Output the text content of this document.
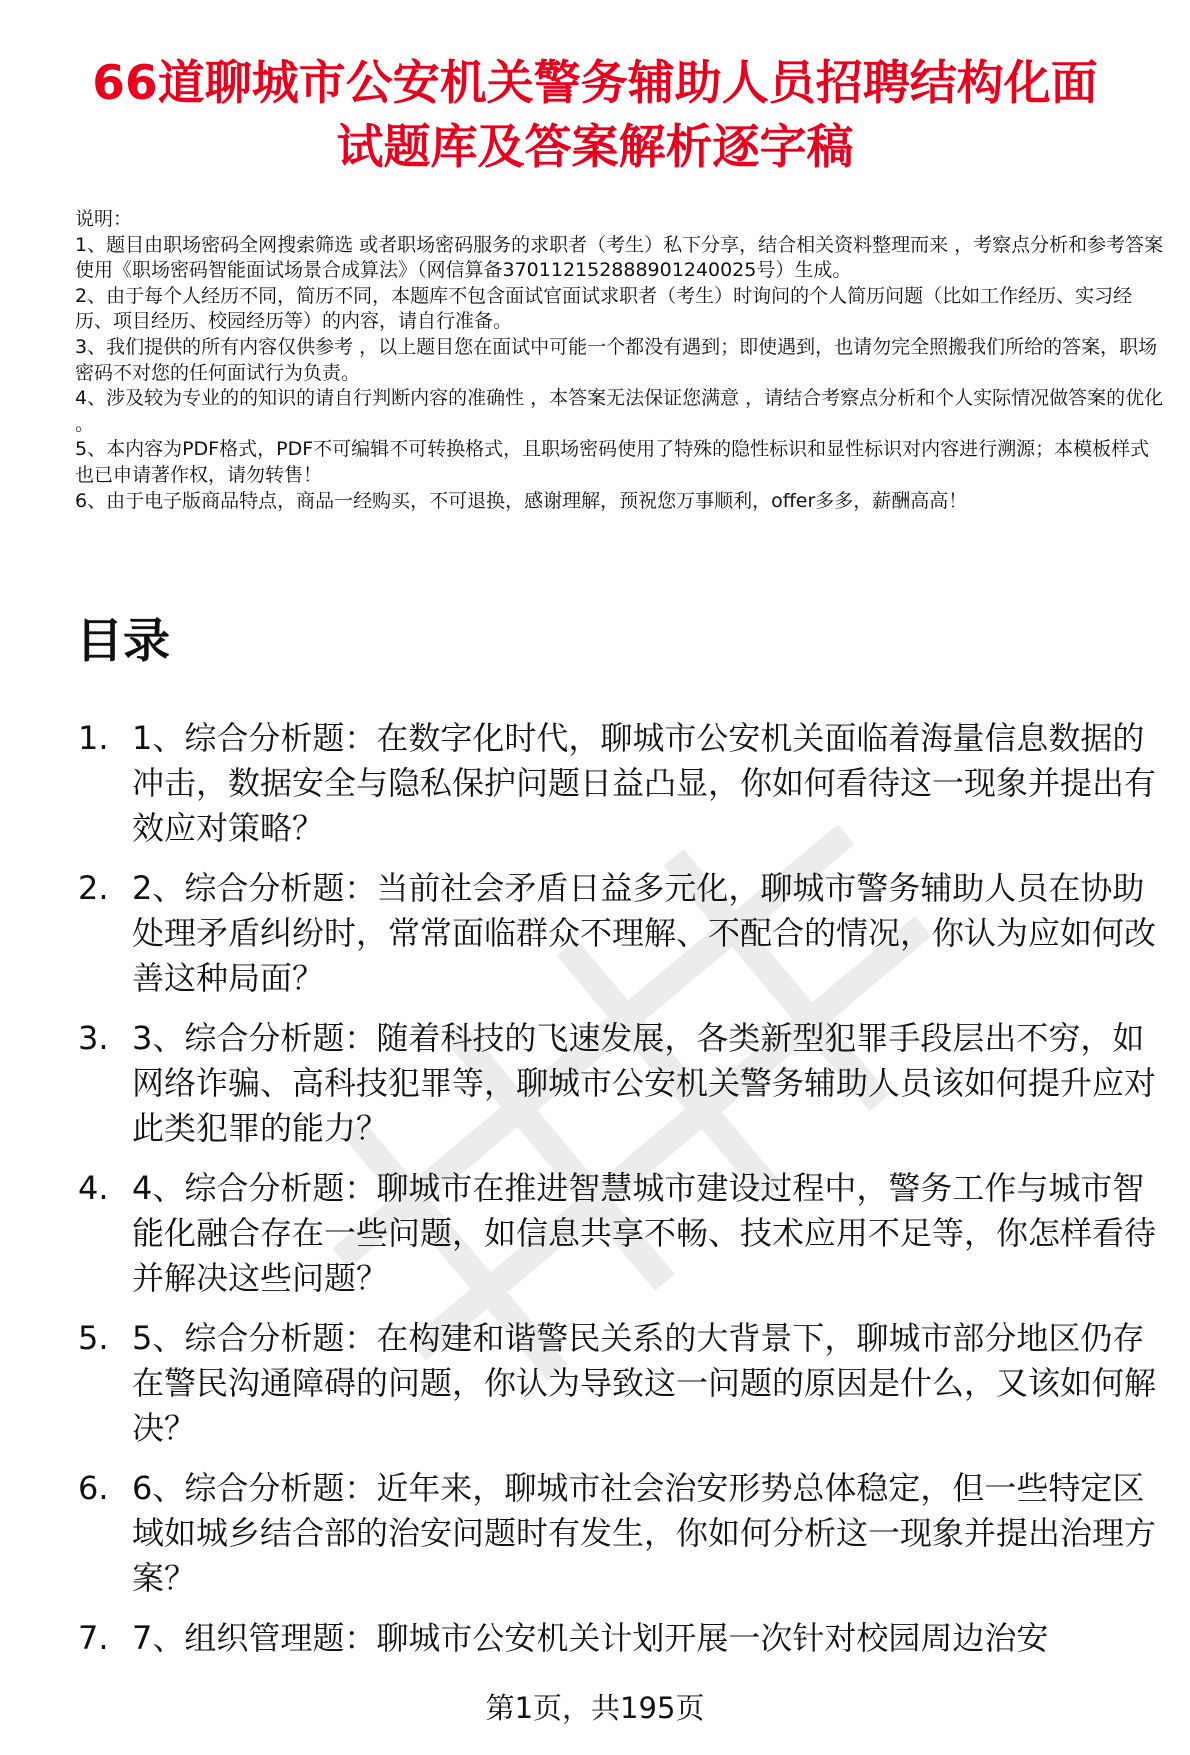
66道聊城市公安机关警务辅助人员招聘结构化面试题库及答案解析逐字稿
说明：

1、题目由职场密码全网搜索筛选 或者职场密码服务的求职者（考生）私下分享，结合相关资料整理而来 ，考察点分析和参考答案使用《职场密码智能面试场景合成算法》（网信算备370112152888901240025号）生成。

2、由于每个人经历不同，简历不同，本题库不包含面试官面试求职者（考生）时询问的个人简历问题（比如工作经历、实习经历、项目经历、校园经历等）的内容，请自行准备。

3、我们提供的所有内容仅供参考 ，以上题目您在面试中可能一个都没有遇到；即使遇到，也请勿完全照搬我们所给的答案，职场密码不对您的任何面试行为负责。

4、涉及较为专业的的知识的请自行判断内容的准确性 ，本答案无法保证您满意 ，请结合考察点分析和个人实际情况做答案的优化 。

5、本内容为PDF格式，PDF不可编辑不可转换格式，且职场密码使用了特殊的隐性标识和显性标识对内容进行溯源；本模板样式也已申请著作权，请勿转售！

6、由于电子版商品特点，商品一经购买，不可退换，感谢理解，预祝您万事顺利，offer多多，薪酬高高！

目录
1. 1、综合分析题：在数字化时代，聊城市公安机关面临着海量信息数据的冲击，数据安全与隐私保护问题日益凸显，你如何看待这一现象并提出有效应对策略？
2. 2、综合分析题：当前社会矛盾日益多元化，聊城市警务辅助人员在协助处理矛盾纠纷时，常常面临群众不理解、不配合的情况，你认为应如何改善这种局面？
3. 3、综合分析题：随着科技的飞速发展，各类新型犯罪手段层出不穷，如网络诈骗、高科技犯罪等，聊城市公安机关警务辅助人员该如何提升应对此类犯罪的能力？
4. 4、综合分析题：聊城市在推进智慧城市建设过程中，警务工作与城市智能化融合存在一些问题，如信息共享不畅、技术应用不足等，你怎样看待并解决这些问题？
5. 5、综合分析题：在构建和谐警民关系的大背景下，聊城市部分地区仍存在警民沟通障碍的问题，你认为导致这一问题的原因是什么，又该如何解决？
6. 6、综合分析题：近年来，聊城市社会治安形势总体稳定，但一些特定区域如城乡结合部的治安问题时有发生，你如何分析这一现象并提出治理方案？
7. 7、组织管理题：聊城市公安机关计划开展一次针对校园周边治安
第1页，共195页
